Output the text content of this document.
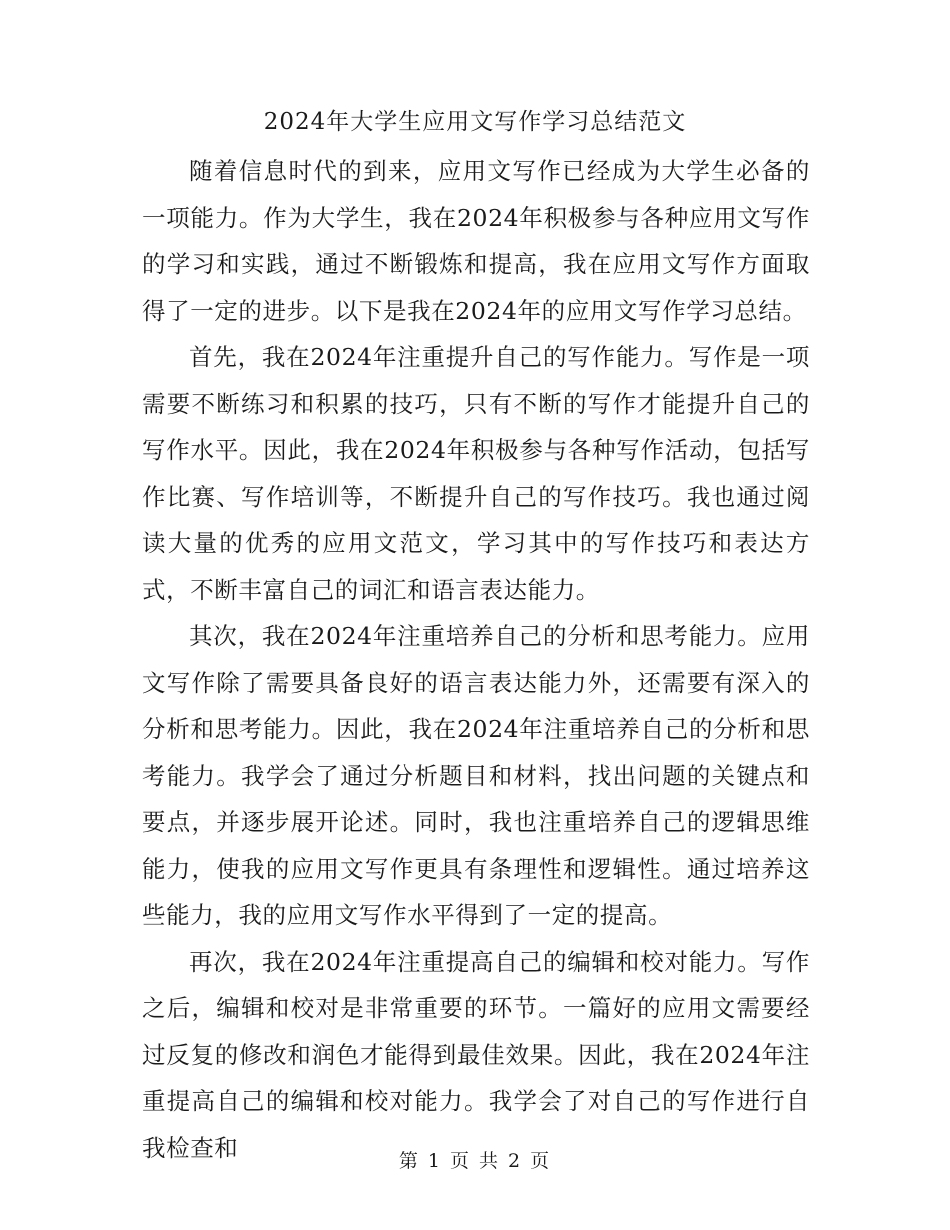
2024年大学生应用文写作学习总结范文

随着信息时代的到来，应用文写作已经成为大学生必备的一项能力。作为大学生，我在2024年积极参与各种应用文写作的学习和实践，通过不断锻炼和提高，我在应用文写作方面取得了一定的进步。以下是我在2024年的应用文写作学习总结。

首先，我在2024年注重提升自己的写作能力。写作是一项需要不断练习和积累的技巧，只有不断的写作才能提升自己的写作水平。因此，我在2024年积极参与各种写作活动，包括写作比赛、写作培训等，不断提升自己的写作技巧。我也通过阅读大量的优秀的应用文范文，学习其中的写作技巧和表达方式，不断丰富自己的词汇和语言表达能力。

其次，我在2024年注重培养自己的分析和思考能力。应用文写作除了需要具备良好的语言表达能力外，还需要有深入的分析和思考能力。因此，我在2024年注重培养自己的分析和思考能力。我学会了通过分析题目和材料，找出问题的关键点和要点，并逐步展开论述。同时，我也注重培养自己的逻辑思维能力，使我的应用文写作更具有条理性和逻辑性。通过培养这些能力，我的应用文写作水平得到了一定的提高。

再次，我在2024年注重提高自己的编辑和校对能力。写作之后，编辑和校对是非常重要的环节。一篇好的应用文需要经过反复的修改和润色才能得到最佳效果。因此，我在2024年注重提高自己的编辑和校对能力。我学会了对自己的写作进行自我检查和	第 1 页 共 2 页
